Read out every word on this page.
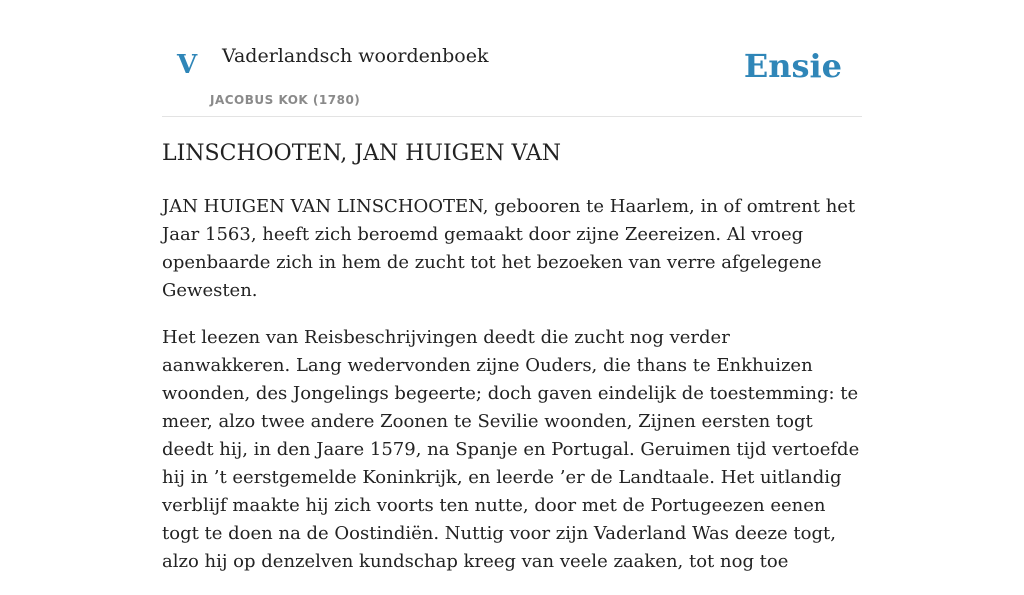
V Vaderlandsch woordenboek
JACOBUS KOK (1780)
Ensie
LINSCHOOTEN, JAN HUIGEN VAN

JAN HUIGEN VAN LINSCHOOTEN, gebooren te Haarlem, in of omtrent het Jaar 1563, heeft zich beroemd gemaakt door zijne Zeereizen. Al vroeg openbaarde zich in hem de zucht tot het bezoeken van verre afgelegene Gewesten.

Het leezen van Reisbeschrijvingen deedt die zucht nog verder aanwakkeren. Lang wedervonden zijne Ouders, die thans te Enkhuizen woonden, des Jongelings begeerte; doch gaven eindelijk de toestemming: te meer, alzo twee andere Zoonen te Sevilie woonden, Zijnen eersten togt deedt hij, in den Jaare 1579, na Spanje en Portugal. Geruimen tijd vertoefde hij in ’t eerstgemelde Koninkrijk, en leerde ’er de Landtaale. Het uitlandig verblijf maakte hij zich voorts ten nutte, door met de Portugeezen eenen togt te doen na de Oostindiën. Nuttig voor zijn Vaderland Was deeze togt, alzo hij op denzelven kundschap kreeg van veele zaaken, tot nog toe
